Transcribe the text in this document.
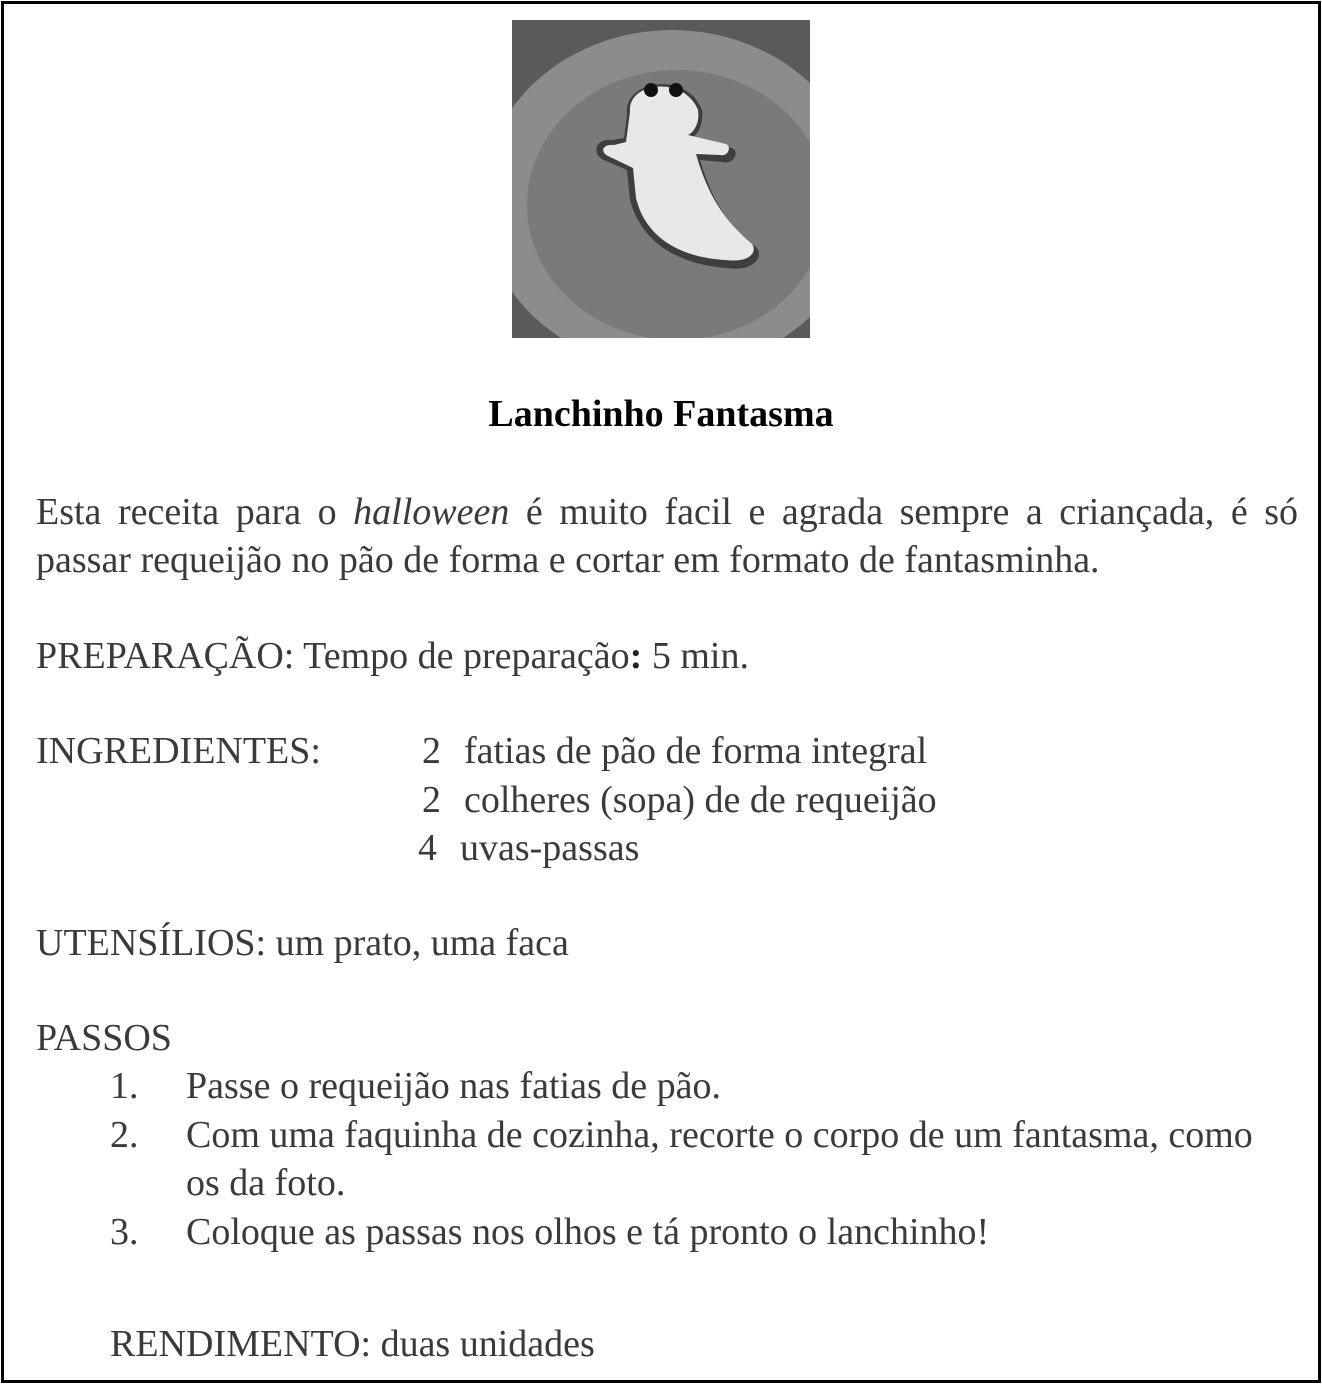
Lanchinho Fantasma
Esta receita para o halloween é muito facil e agrada sempre a criançada, é só passar requeijão no pão de forma e cortar em formato de fantasminha.
PREPARAÇÃO: Tempo de preparação: 5 min.
INGREDIENTES:	2 fatias de pão de forma integral
2 colheres (sopa) de de requeijão
4 uvas-passas
UTENSÍLIOS: um prato, uma faca
PASSOS
1. Passe o requeijão nas fatias de pão.
2. Com uma faquinha de cozinha, recorte o corpo de um fantasma, como os da foto.
3. Coloque as passas nos olhos e tá pronto o lanchinho!
RENDIMENTO: duas unidades
